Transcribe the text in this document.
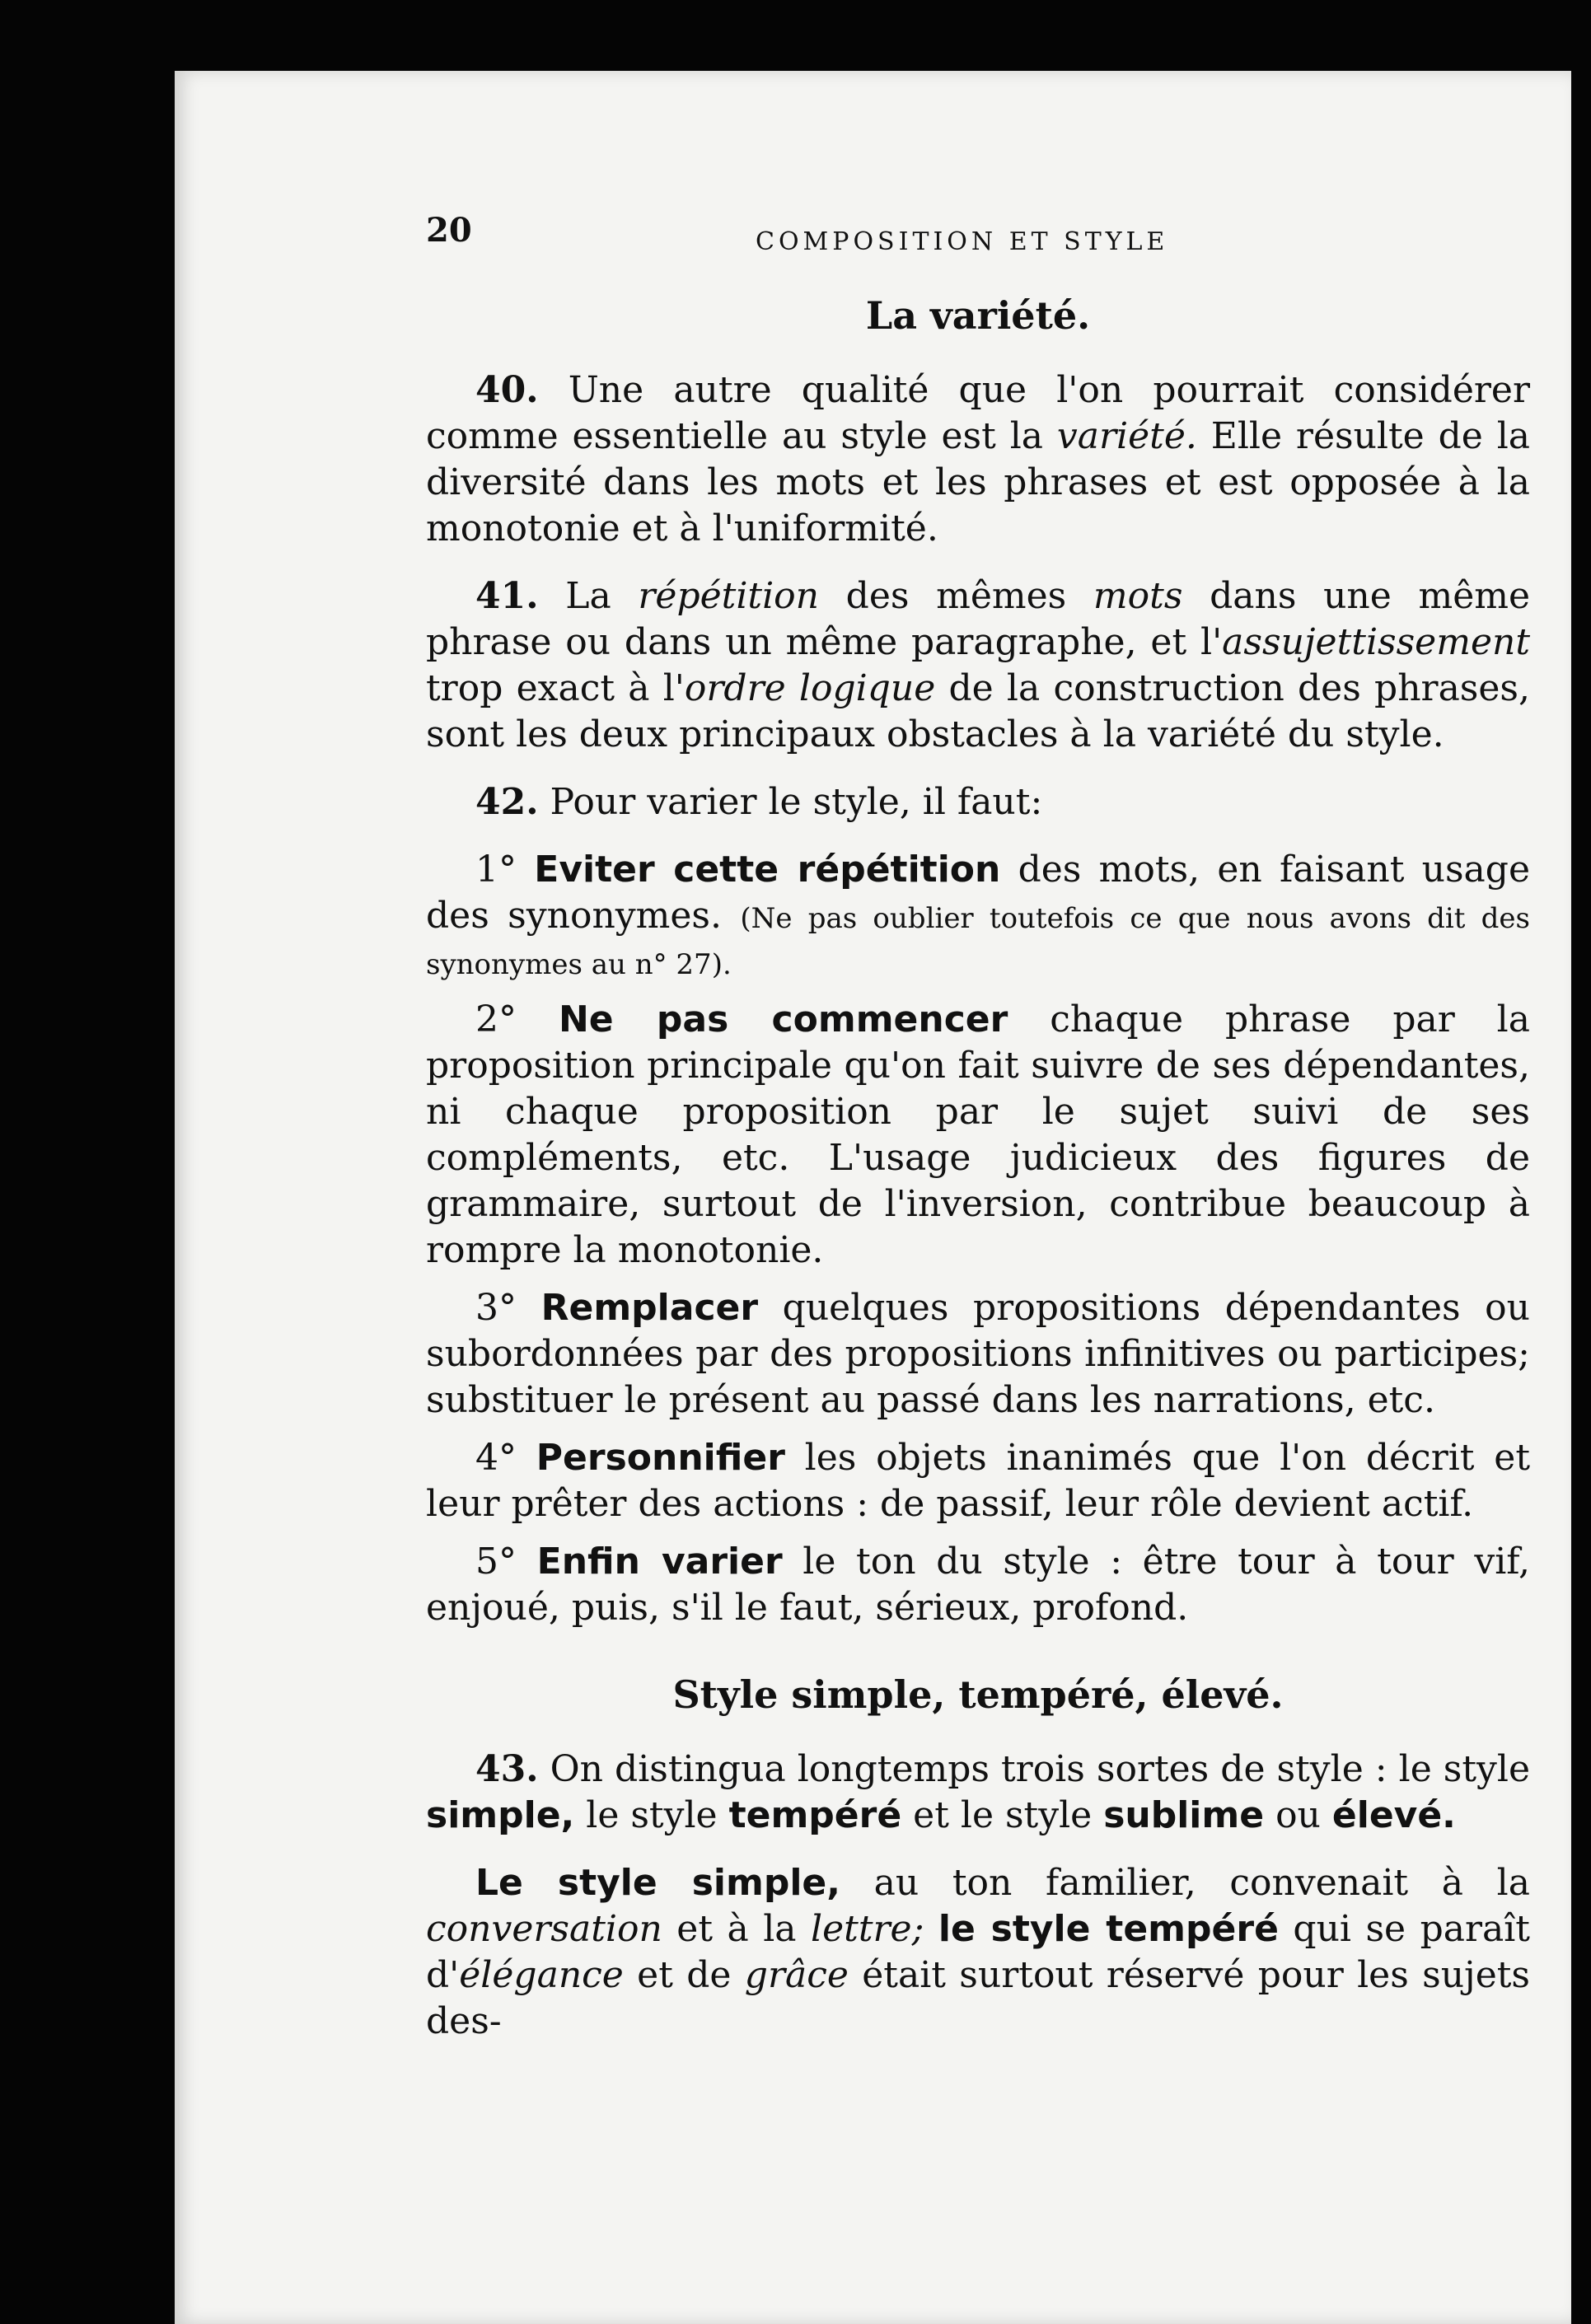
20	COMPOSITION ET STYLE
La variété.

40. Une autre qualité que l'on pourrait considérer comme essentielle au style est la variété. Elle résulte de la diversité dans les mots et les phrases et est opposée à la monotonie et à l'uniformité.

41. La répétition des mêmes mots dans une même phrase ou dans un même paragraphe, et l'assujettissement trop exact à l'ordre logique de la construction des phrases, sont les deux principaux obstacles à la variété du style.

42. Pour varier le style, il faut:

1° Eviter cette répétition des mots, en faisant usage des synonymes. (Ne pas oublier toutefois ce que nous avons dit des synonymes au n° 27).

2° Ne pas commencer chaque phrase par la proposition principale qu'on fait suivre de ses dépendantes, ni chaque proposition par le sujet suivi de ses compléments, etc. L'usage judicieux des figures de grammaire, surtout de l'inversion, contribue beaucoup à rompre la monotonie.

3° Remplacer quelques propositions dépendantes ou subordonnées par des propositions infinitives ou participes; substituer le présent au passé dans les narrations, etc.

4° Personnifier les objets inanimés que l'on décrit et leur prêter des actions : de passif, leur rôle devient actif.

5° Enfin varier le ton du style : être tour à tour vif, enjoué, puis, s'il le faut, sérieux, profond.

Style simple, tempéré, élevé.

43. On distingua longtemps trois sortes de style : le style simple, le style tempéré et le style sublime ou élevé.

Le style simple, au ton familier, convenait à la conversation et à la lettre; le style tempéré qui se paraît d'élégance et de grâce était surtout réservé pour les sujets des-
